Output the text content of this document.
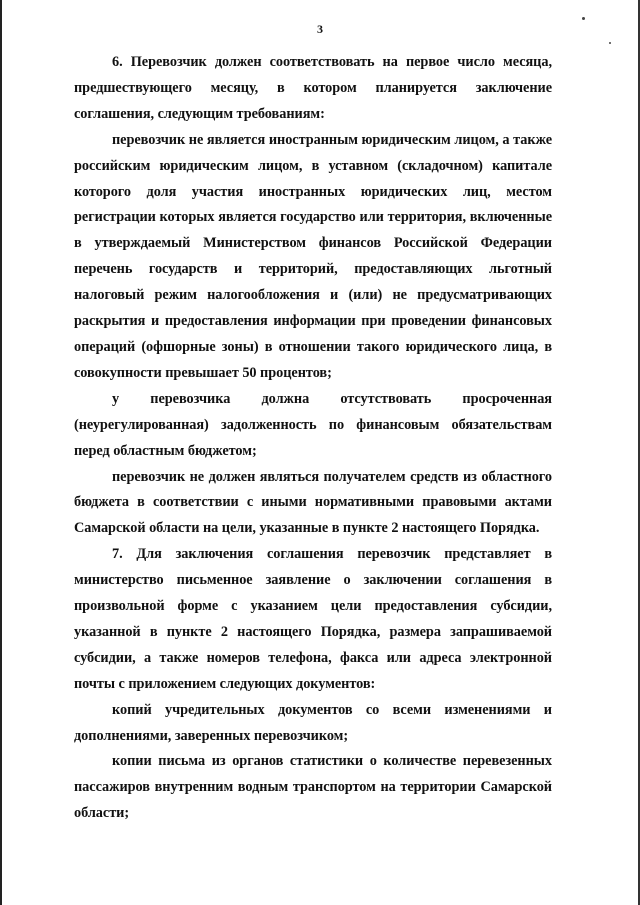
3

6. Перевозчик должен соответствовать на первое число месяца, предшествующего месяцу, в котором планируется заключение соглашения, следующим требованиям:

перевозчик не является иностранным юридическим лицом, а также российским юридическим лицом, в уставном (складочном) капитале которого доля участия иностранных юридических лиц, местом регистрации которых является государство или территория, включенные в утверждаемый Министерством финансов Российской Федерации перечень государств и территорий, предоставляющих льготный налоговый режим налогообложения и (или) не предусматривающих раскрытия и предоставления информации при проведении финансовых операций (офшорные зоны) в отношении такого юридического лица, в совокупности превышает 50 процентов;

у перевозчика должна отсутствовать просроченная (неурегулированная) задолженность по финансовым обязательствам перед областным бюджетом;

перевозчик не должен являться получателем средств из областного бюджета в соответствии с иными нормативными правовыми актами Самарской области на цели, указанные в пункте 2 настоящего Порядка.

7. Для заключения соглашения перевозчик представляет в министерство письменное заявление о заключении соглашения в произвольной форме с указанием цели предоставления субсидии, указанной в пункте 2 настоящего Порядка, размера запрашиваемой субсидии, а также номеров телефона, факса или адреса электронной почты с приложением следующих документов:

копий учредительных документов со всеми изменениями и дополнениями, заверенных перевозчиком;

копии письма из органов статистики о количестве перевезенных пассажиров внутренним водным транспортом на территории Самарской области;
